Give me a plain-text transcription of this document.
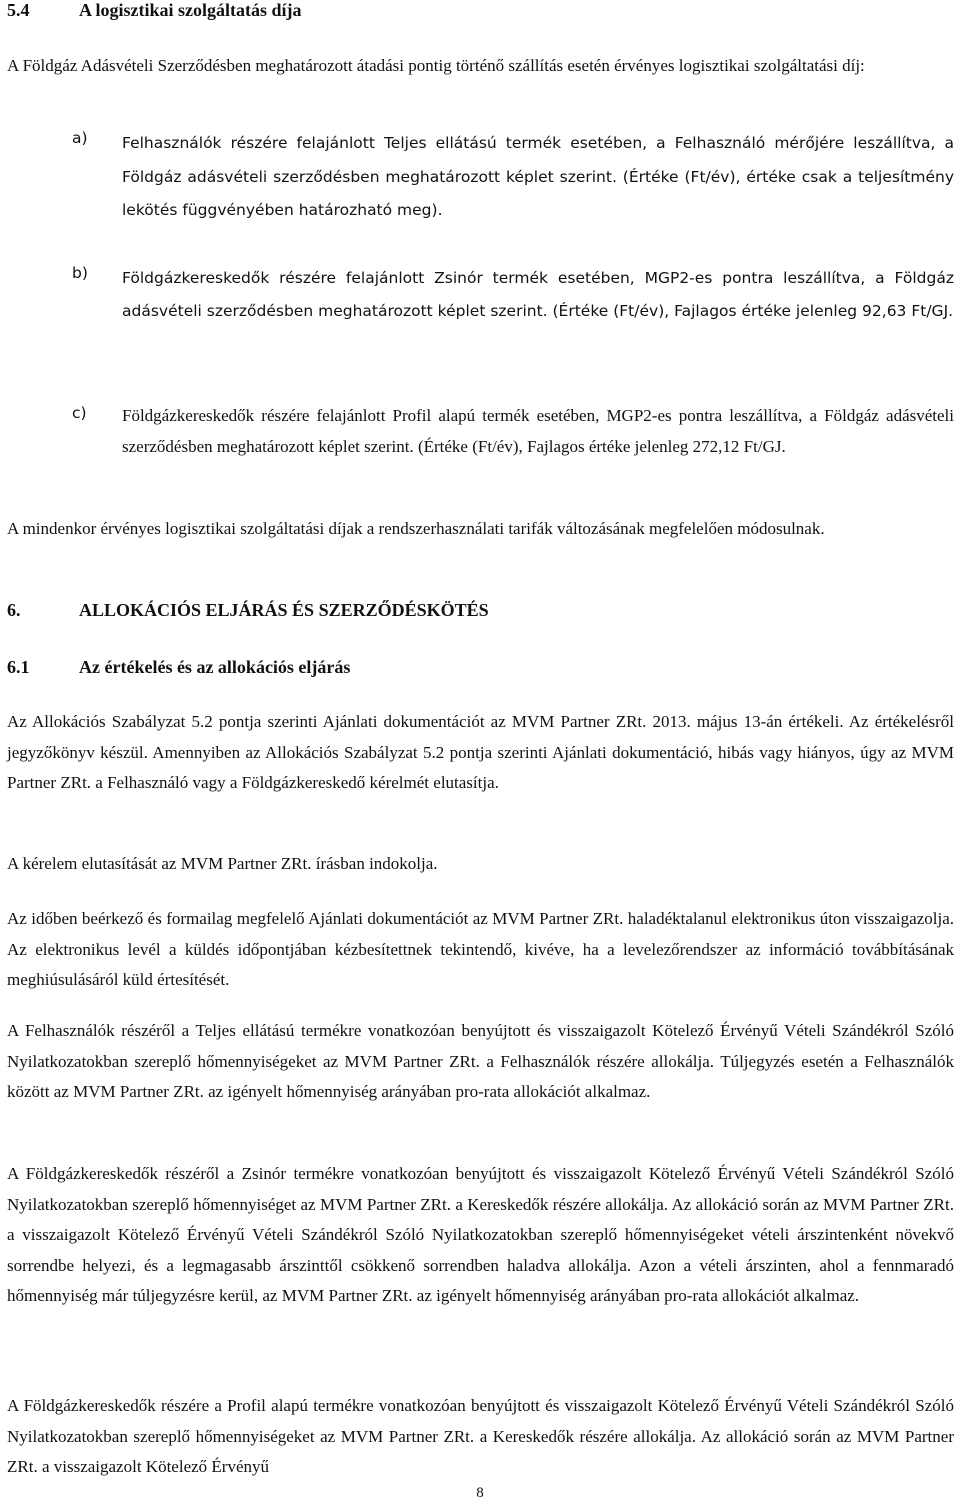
5.4	A logisztikai szolgáltatás díja

A Földgáz Adásvételi Szerződésben meghatározott átadási pontig történő szállítás esetén érvényes logisztikai szolgáltatási díj:

a) Felhasználók részére felajánlott Teljes ellátású termék esetében, a Felhasználó mérőjére leszállítva, a Földgáz adásvételi szerződésben meghatározott képlet szerint. (Értéke (Ft/év), értéke csak a teljesítmény lekötés függvényében határozható meg).

b) Földgázkereskedők részére felajánlott Zsinór termék esetében, MGP2-es pontra leszállítva, a Földgáz adásvételi szerződésben meghatározott képlet szerint. (Értéke (Ft/év), Fajlagos értéke jelenleg 92,63 Ft/GJ.

c) Földgázkereskedők részére felajánlott Profil alapú termék esetében, MGP2-es pontra leszállítva, a Földgáz adásvételi szerződésben meghatározott képlet szerint. (Értéke (Ft/év), Fajlagos értéke jelenleg 272,12 Ft/GJ.

A mindenkor érvényes logisztikai szolgáltatási díjak a rendszerhasználati tarifák változásának megfelelően módosulnak.

6.	ALLOKÁCIÓS ELJÁRÁS ÉS SZERZŐDÉSKÖTÉS
6.1	Az értékelés és az allokációs eljárás

Az Allokációs Szabályzat 5.2 pontja szerinti Ajánlati dokumentációt az MVM Partner ZRt. 2013. május 13-án értékeli. Az értékelésről jegyzőkönyv készül. Amennyiben az Allokációs Szabályzat 5.2 pontja szerinti Ajánlati dokumentáció, hibás vagy hiányos, úgy az MVM Partner ZRt. a Felhasználó vagy a Földgázkereskedő kérelmét elutasítja.

A kérelem elutasítását az MVM Partner ZRt. írásban indokolja.

Az időben beérkező és formailag megfelelő Ajánlati dokumentációt az MVM Partner ZRt. haladéktalanul elektronikus úton visszaigazolja. Az elektronikus levél a küldés időpontjában kézbesítettnek tekintendő, kivéve, ha a levelezőrendszer az információ továbbításának meghiúsulásáról küld értesítését.

A Felhasználók részéről a Teljes ellátású termékre vonatkozóan benyújtott és visszaigazolt Kötelező Érvényű Vételi Szándékról Szóló Nyilatkozatokban szereplő hőmennyiségeket az MVM Partner ZRt. a Felhasználók részére allokálja. Túljegyzés esetén a Felhasználók között az MVM Partner ZRt. az igényelt hőmennyiség arányában pro-rata allokációt alkalmaz.

A Földgázkereskedők részéről a Zsinór termékre vonatkozóan benyújtott és visszaigazolt Kötelező Érvényű Vételi Szándékról Szóló Nyilatkozatokban szereplő hőmennyiséget az MVM Partner ZRt. a Kereskedők részére allokálja. Az allokáció során az MVM Partner ZRt. a visszaigazolt Kötelező Érvényű Vételi Szándékról Szóló Nyilatkozatokban szereplő hőmennyiségeket vételi árszintenként növekvő sorrendbe helyezi, és a legmagasabb árszinttől csökkenő sorrendben haladva allokálja. Azon a vételi árszinten, ahol a fennmaradó hőmennyiség már túljegyzésre kerül, az MVM Partner ZRt. az igényelt hőmennyiség arányában pro-rata allokációt alkalmaz.

A Földgázkereskedők részére a Profil alapú termékre vonatkozóan benyújtott és visszaigazolt Kötelező Érvényű Vételi Szándékról Szóló Nyilatkozatokban szereplő hőmennyiségeket az MVM Partner ZRt. a Kereskedők részére allokálja. Az allokáció során az MVM Partner ZRt. a visszaigazolt Kötelező Érvényű

8
